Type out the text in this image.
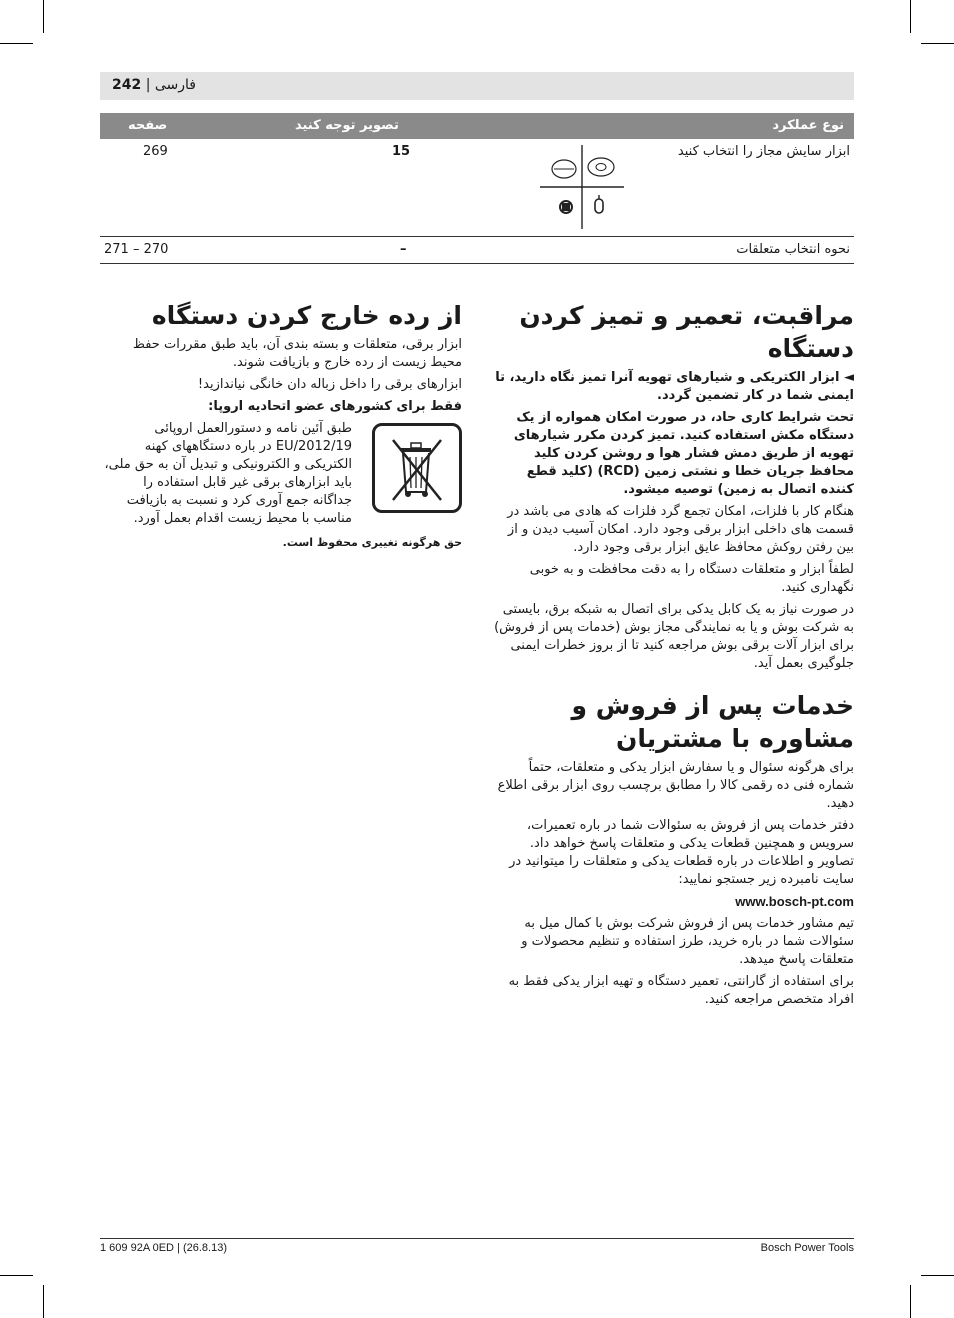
242 | فارسی
نوع عملکرد
تصویر توجه کنید
صفحه
ابزار سایش مجاز را انتخاب کنید
15
269
نحوه انتخاب متعلقات
–
271 – 270
مراقبت، تعمیر و تمیز کردن دستگاه

◄ ابزار الکتریکی و شیارهای تهویه آنرا تمیز نگاه دارید، تا ایمنی شما در کار تضمین گردد.

تحت شرایط کاری حاد، در صورت امکان همواره از یک دستگاه مکش استفاده کنید. تمیز کردن مکرر شیارهای تهویه از طریق دمش فشار هوا و روشن کردن کلید محافظ جریان خطا و نشتی زمین (RCD) (کلید قطع کننده اتصال به زمین) توصیه میشود.

هنگام کار با فلزات، امکان تجمع گرد فلزات که هادی می باشد در قسمت های داخلی ابزار برقی وجود دارد. امکان آسیب دیدن و از بین رفتن روکش محافظ عایق ابزار برقی وجود دارد.

لطفاً ابزار و متعلقات دستگاه را به دقت محافظت و به خوبی نگهداری کنید.

در صورت نیاز به یک کابل یدکی برای اتصال به شبکه برق، بایستی به شرکت بوش و یا به نمایندگی مجاز بوش (خدمات پس از فروش) برای ابزار آلات برقی بوش مراجعه کنید تا از بروز خطرات ایمنی جلوگیری بعمل آید.

خدمات پس از فروش و مشاوره با مشتریان

برای هرگونه سئوال و یا سفارش ابزار یدکی و متعلقات، حتماً شماره فنی ده رقمی کالا را مطابق برچسب روی ابزار برقی اطلاع دهید.

دفتر خدمات پس از فروش به سئوالات شما در باره تعمیرات، سرویس و همچنین قطعات یدکی و متعلقات پاسخ خواهد داد. تصاویر و اطلاعات در باره قطعات یدکی و متعلقات را میتوانید در سایت نامبرده زیر جستجو نمایید:

www.bosch-pt.com

تیم مشاور خدمات پس از فروش شرکت بوش با کمال میل به سئوالات شما در باره خرید، طرز استفاده و تنظیم محصولات و متعلقات پاسخ میدهد.

برای استفاده از گارانتی، تعمیر دستگاه و تهیه ابزار یدکی فقط به افراد متخصص مراجعه کنید.

از رده خارج کردن دستگاه

ابزار برقی، متعلقات و بسته بندی آن، باید طبق مقررات حفظ محیط زیست از رده خارج و بازیافت شوند.

ابزارهای برقی را داخل زباله دان خانگی نیاندازید!

فقط برای کشورهای عضو اتحادیه اروپا:

طبق آئین نامه و دستورالعمل اروپائی 2012/19/EU در باره دستگاههای کهنه الکتریکی و الکترونیکی و تبدیل آن به حق ملی، باید ابزارهای برقی غیر قابل استفاده را جداگانه جمع آوری کرد و نسبت به بازیافت مناسب با محیط زیست اقدام بعمل آورد.

حق هرگونه تغییری محفوظ است.

1 609 92A 0ED | (26.8.13)	Bosch Power Tools
